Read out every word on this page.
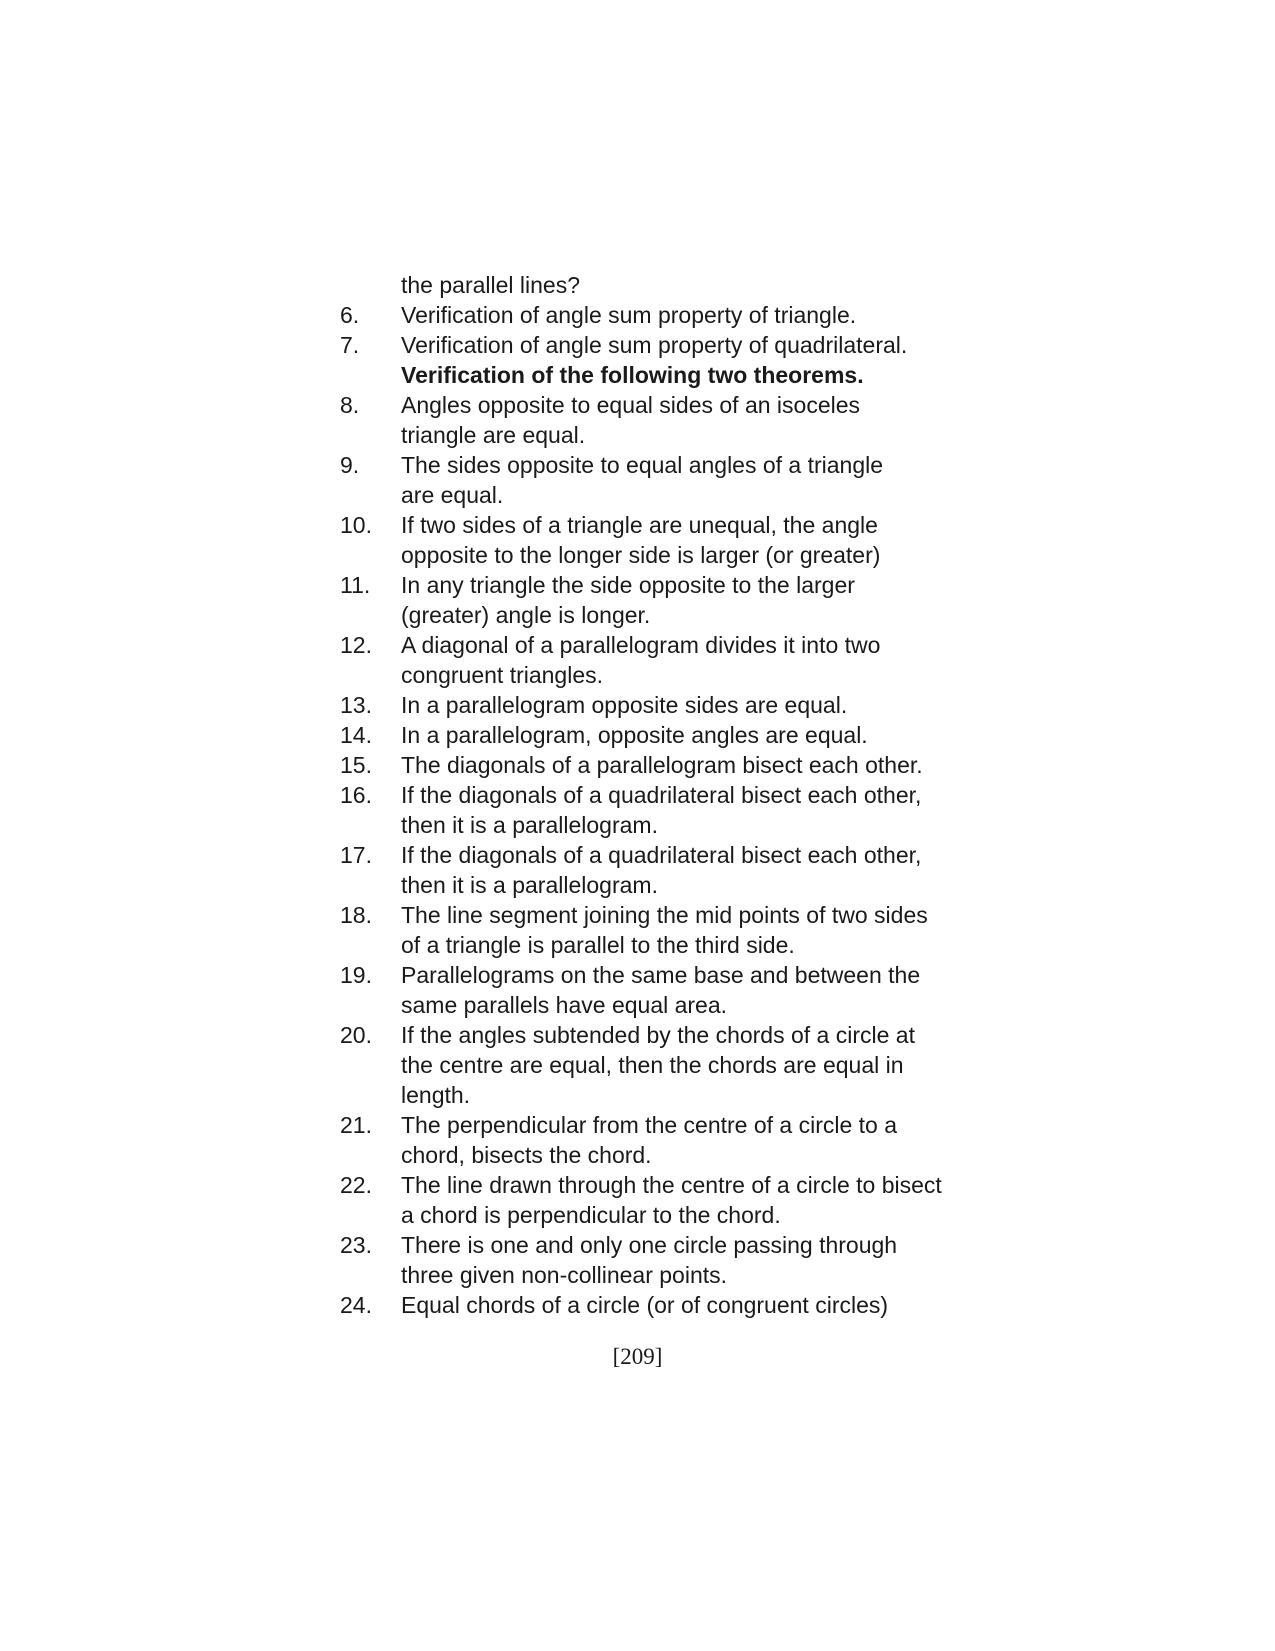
the parallel lines?
6.	Verification of angle sum property of triangle.
7.	Verification of angle sum property of quadrilateral.
Verification of the following two theorems.
8.	Angles opposite to equal sides of an isoceles
triangle are equal.
9.	The sides opposite to equal angles of a triangle
are equal.
10.	If two sides of a triangle are unequal, the angle
opposite to the longer side is larger (or greater)
11.	In any triangle the side opposite to the larger
(greater) angle is longer.
12.	A diagonal of a parallelogram divides it into two
congruent triangles.
13.	In a parallelogram opposite sides are equal.
14.	In a parallelogram, opposite angles are equal.
15.	The diagonals of a parallelogram bisect each other.
16.	If the diagonals of a quadrilateral bisect each other,
then it is a parallelogram.
17.	If the diagonals of a quadrilateral bisect each other,
then it is a parallelogram.
18.	The line segment joining the mid points of two sides
of a triangle is parallel to the third side.
19.	Parallelograms on the same base and between the
same parallels have equal area.
20.	If the angles subtended by the chords of a circle at
the centre are equal, then the chords are equal in
length.
21.	The perpendicular from the centre of a circle to a
chord, bisects the chord.
22.	The line drawn through the centre of a circle to bisect
a chord is perpendicular to the chord.
23.	There is one and only one circle passing through
three given non-collinear points.
24.	Equal chords of a circle (or of congruent circles)
[209]
